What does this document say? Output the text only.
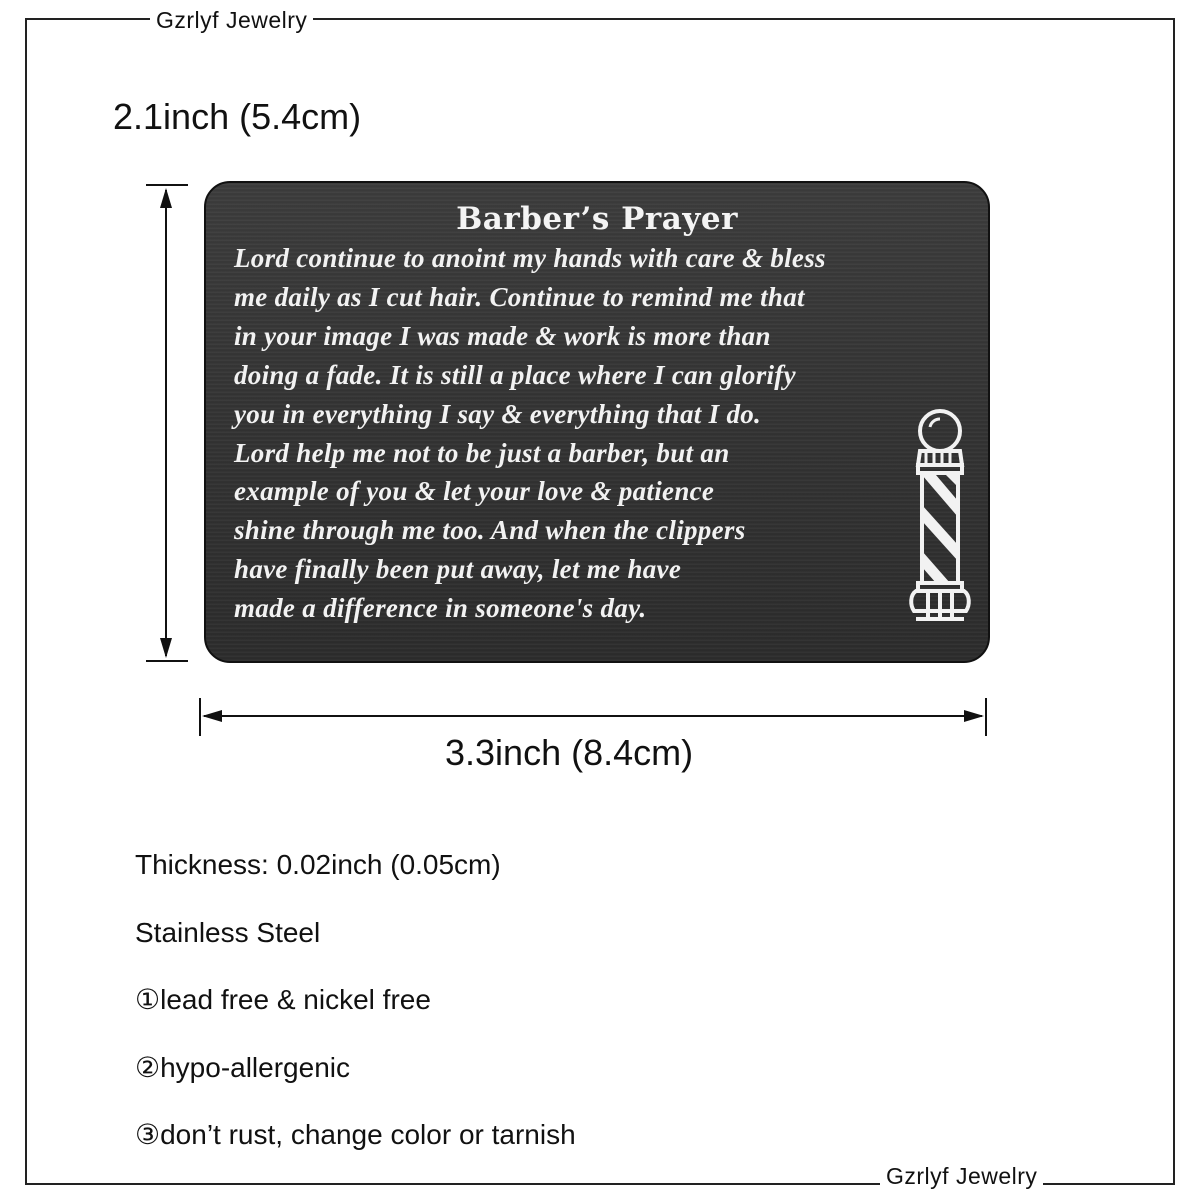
Gzrlyf Jewelry
Gzrlyf Jewelry
2.1inch (5.4cm)
Barber’s Prayer
Lord continue to anoint my hands with care & bless
me daily as I cut hair. Continue to remind me that
in your image I was made & work is more than
doing a fade. It is still a place where I can glorify
you in everything I say & everything that I do.
Lord help me not to be just a barber, but an
example of you & let your love & patience
shine through me too. And when the clippers
have finally been put away, let me have
made a difference in someone's day.
3.3inch (8.4cm)
Thickness: 0.02inch (0.05cm)
Stainless Steel
①lead free & nickel free
②hypo-allergenic
③don’t rust, change color or tarnish
